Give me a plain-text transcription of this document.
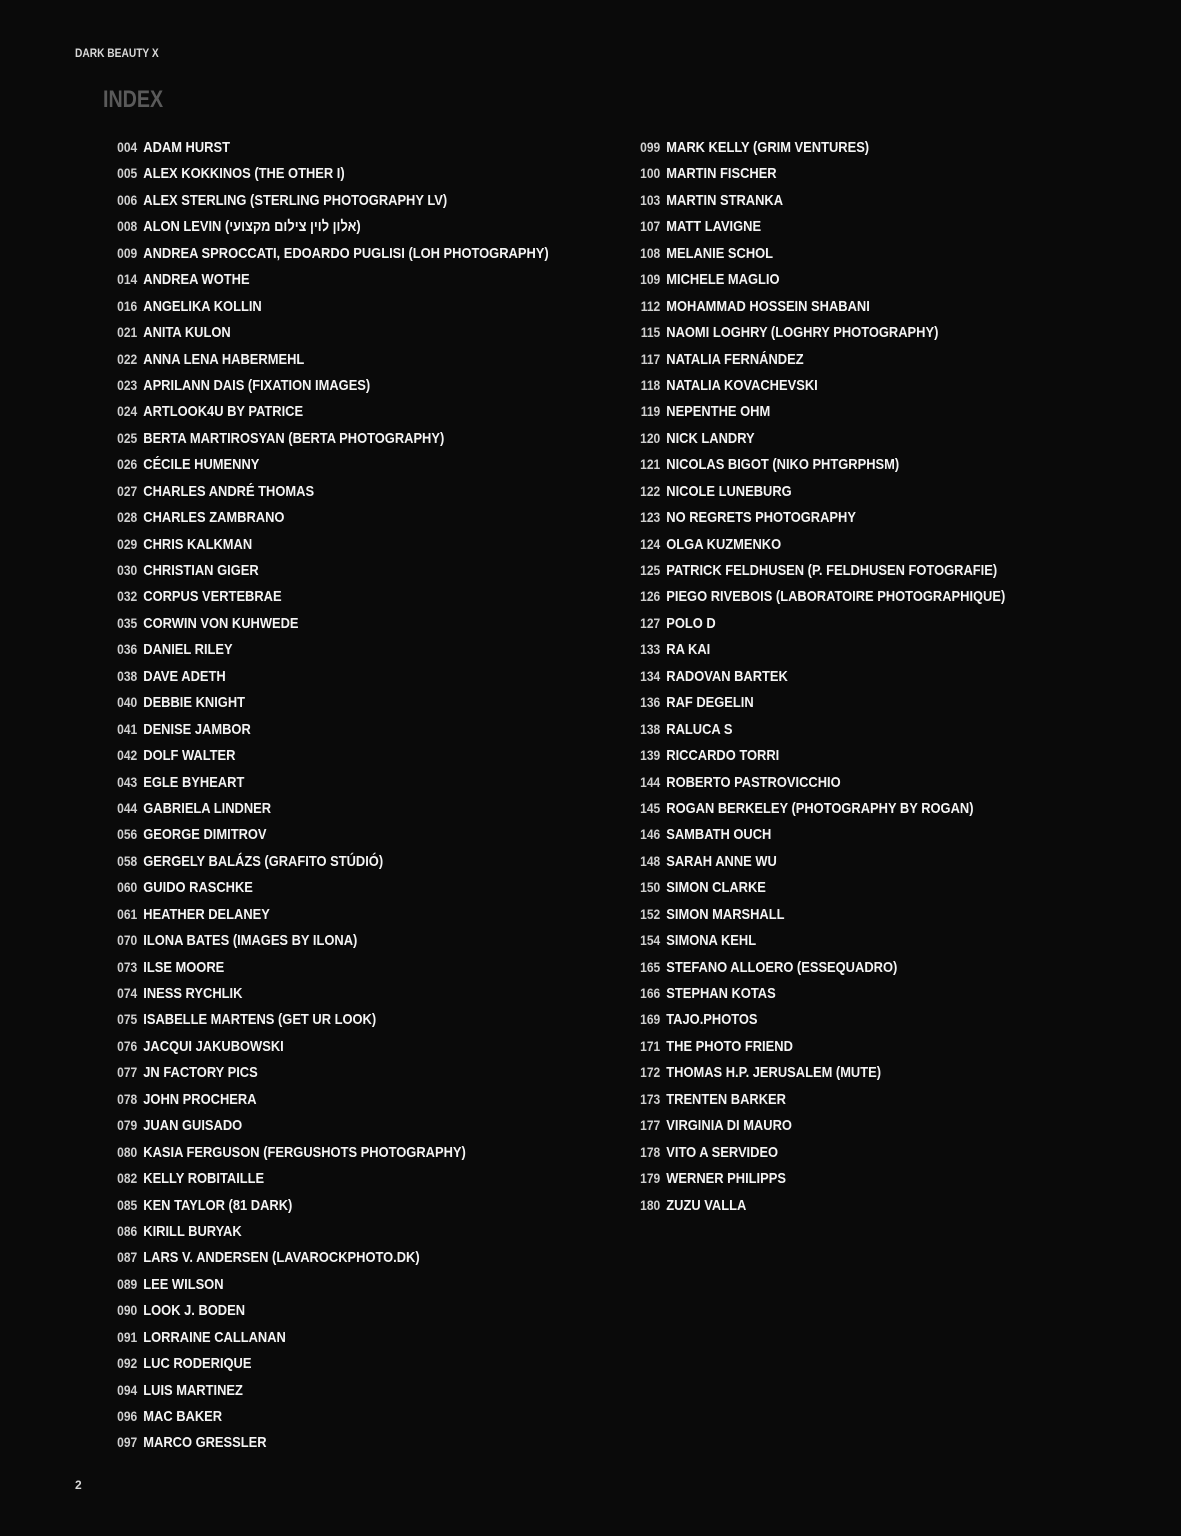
DARK BEAUTY X
INDEX
004 ADAM HURST
005 ALEX KOKKINOS (THE OTHER I)
006 ALEX STERLING (STERLING PHOTOGRAPHY LV)
008 ALON LEVIN (אלון לוין צילום מקצועי)
009 ANDREA SPROCCATI, EDOARDO PUGLISI (LOH PHOTOGRAPHY)
014 ANDREA WOTHE
016 ANGELIKA KOLLIN
021 ANITA KULON
022 ANNA LENA HABERMEHL
023 APRILANN DAIS (FIXATION IMAGES)
024 ARTLOOK4U BY PATRICE
025 BERTA MARTIROSYAN (BERTA PHOTOGRAPHY)
026 CÉCILE HUMENNY
027 CHARLES ANDRÉ THOMAS
028 CHARLES ZAMBRANO
029 CHRIS KALKMAN
030 CHRISTIAN GIGER
032 CORPUS VERTEBRAE
035 CORWIN VON KUHWEDE
036 DANIEL RILEY
038 DAVE ADETH
040 DEBBIE KNIGHT
041 DENISE JAMBOR
042 DOLF WALTER
043 EGLE BYHEART
044 GABRIELA LINDNER
056 GEORGE DIMITROV
058 GERGELY BALÁZS (GRAFITO STÚDIÓ)
060 GUIDO RASCHKE
061 HEATHER DELANEY
070 ILONA BATES (IMAGES BY ILONA)
073 ILSE MOORE
074 INESS RYCHLIK
075 ISABELLE MARTENS (GET UR LOOK)
076 JACQUI JAKUBOWSKI
077 JN FACTORY PICS
078 JOHN PROCHERA
079 JUAN GUISADO
080 KASIA FERGUSON (FERGUSHOTS PHOTOGRAPHY)
082 KELLY ROBITAILLE
085 KEN TAYLOR (81 DARK)
086 KIRILL BURYAK
087 LARS V. ANDERSEN (LAVAROCKPHOTO.DK)
089 LEE WILSON
090 LOOK J. BODEN
091 LORRAINE CALLANAN
092 LUC RODERIQUE
094 LUIS MARTINEZ
096 MAC BAKER
097 MARCO GRESSLER
099 MARK KELLY (GRIM VENTURES)
100 MARTIN FISCHER
103 MARTIN STRANKA
107 MATT LAVIGNE
108 MELANIE SCHOL
109 MICHELE MAGLIO
112 MOHAMMAD HOSSEIN SHABANI
115 NAOMI LOGHRY (LOGHRY PHOTOGRAPHY)
117 NATALIA FERNÁNDEZ
118 NATALIA KOVACHEVSKI
119 NEPENTHE OHM
120 NICK LANDRY
121 NICOLAS BIGOT (NIKO PHTGRPHSM)
122 NICOLE LUNEBURG
123 NO REGRETS PHOTOGRAPHY
124 OLGA KUZMENKO
125 PATRICK FELDHUSEN (P. FELDHUSEN FOTOGRAFIE)
126 PIEGO RIVEBOIS (LABORATOIRE PHOTOGRAPHIQUE)
127 POLO D
133 RA KAI
134 RADOVAN BARTEK
136 RAF DEGELIN
138 RALUCA S
139 RICCARDO TORRI
144 ROBERTO PASTROVICCHIO
145 ROGAN BERKELEY (PHOTOGRAPHY BY ROGAN)
146 SAMBATH OUCH
148 SARAH ANNE WU
150 SIMON CLARKE
152 SIMON MARSHALL
154 SIMONA KEHL
165 STEFANO ALLOERO (ESSEQUADRO)
166 STEPHAN KOTAS
169 TAJO.PHOTOS
171 THE PHOTO FRIEND
172 THOMAS H.P. JERUSALEM (MUTE)
173 TRENTEN BARKER
177 VIRGINIA DI MAURO
178 VITO A SERVIDEO
179 WERNER PHILIPPS
180 ZUZU VALLA
2
